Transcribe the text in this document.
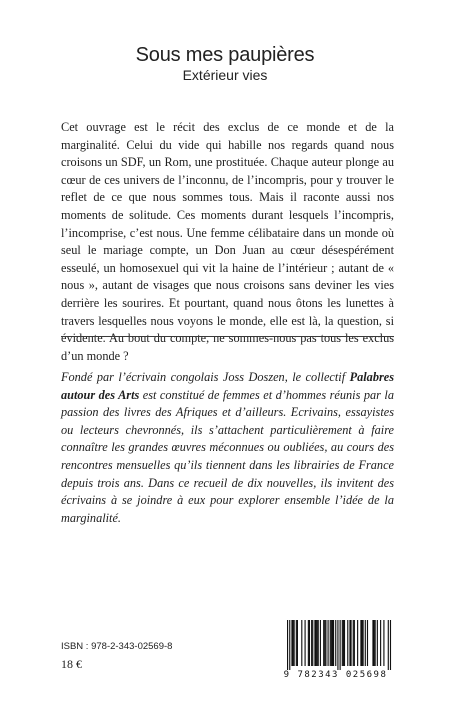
Sous mes paupières
Extérieur vies

Cet ouvrage est le récit des exclus de ce monde et de la marginalité. Celui du vide qui habille nos regards quand nous croisons un SDF, un Rom, une prostituée. Chaque auteur plonge au cœur de ces univers de l’inconnu, de l’incompris, pour y trouver le reflet de ce que nous sommes tous. Mais il raconte aussi nos moments de solitude. Ces moments durant lesquels l’incompris, l’incomprise, c’est nous. Une femme célibataire dans un monde où seul le mariage compte, un Don Juan au cœur désespérément esseulé, un homosexuel qui vit la haine de l’intérieur ; autant de « nous », autant de visages que nous croisons sans deviner les vies derrière les sourires. Et pourtant, quand nous ôtons les lunettes à travers lesquelles nous voyons le monde, elle est là, la question, si évidente. Au bout du compte, ne sommes-nous pas tous les exclus d’un monde ?

Fondé par l’écrivain congolais Joss Doszen, le collectif Palabres autour des Arts est constitué de femmes et d’hommes réunis par la passion des livres des Afriques et d’ailleurs. Ecrivains, essayistes ou lecteurs chevronnés, ils s’attachent particulièrement à faire connaître les grandes œuvres méconnues ou oubliées, au cours des rencontres mensuelles qu’ils tiennent dans les librairies de France depuis trois ans. Dans ce recueil de dix nouvelles, ils invitent des écrivains à se joindre à eux pour explorer ensemble l’idée de la marginalité.

ISBN : 978-2-343-02569-8
18 €
9 782343 025698
